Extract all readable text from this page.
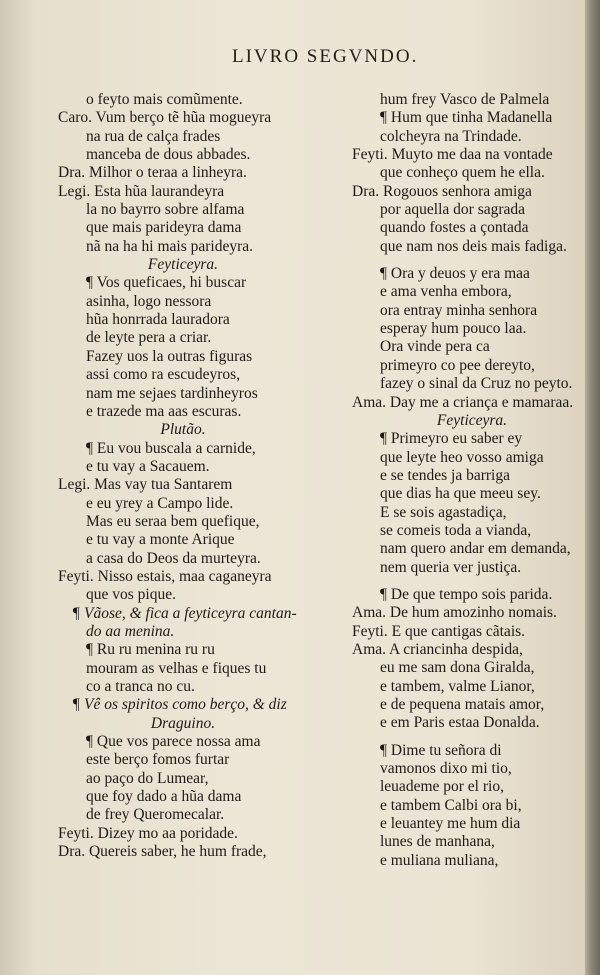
LIVRO SEGVNDO.
o feyto mais comũmente.
Caro. Vum berço tẽ hũa mogueyra
na rua de calça frades
manceba de dous abbades.
Dra. Milhor o teraa a linheyra.
Legi. Esta hũa laurandeyra
la no bayrro sobre alfama
que mais parideyra dama
nã na ha hi mais parideyra.
Feyticeyra.
¶ Vos queficaes, hi buscar
asinha, logo nessora
hũa honrrada lauradora
de leyte pera a criar.
Fazey uos la outras figuras
assi como ra escudeyros,
nam me sejaes tardinheyros
e trazede ma aas escuras.
Plutão.
¶ Eu vou buscala a carnide,
e tu vay a Sacauem.
Legi. Mas vay tua Santarem
e eu yrey a Campo lide.
Mas eu seraa bem quefique,
e tu vay a monte Arique
a casa do Deos da murteyra.
Feyti. Nisso estais, maa caganeyra
que vos pique.
¶ Vãose, & fica a feyticeyra cantan-
do aa menina.
¶ Ru ru menina ru ru
mouram as velhas e fiques tu
co a tranca no cu.
¶ Vê os spiritos como berço, & diz
Draguino.
¶ Que vos parece nossa ama
este berço fomos furtar
ao paço do Lumear,
que foy dado a hũa dama
de frey Queromecalar.
Feyti. Dizey mo aa poridade.
Dra. Quereis saber, he hum frade,
hum frey Vasco de Palmela
¶ Hum que tinha Madanella
colcheyra na Trindade.
Feyti. Muyto me daa na vontade
que conheço quem he ella.
Dra. Rogouos senhora amiga
por aquella dor sagrada
quando fostes a çontada
que nam nos deis mais fadiga.
¶ Ora y deuos y era maa
e ama venha embora,
ora entray minha senhora
esperay hum pouco laa.
Ora vinde pera ca
primeyro co pee dereyto,
fazey o sinal da Cruz no peyto.
Ama. Day me a criança e mamaraa.
Feyticeyra.
¶ Primeyro eu saber ey
que leyte heo vosso amiga
e se tendes ja barriga
que dias ha que meeu sey.
E se sois agastadiça,
se comeis toda a vianda,
nam quero andar em demanda,
nem queria ver justiça.
¶ De que tempo sois parida.
Ama. De hum amozinho nomais.
Feyti. E que cantigas cãtais.
Ama. A criancinha despida,
eu me sam dona Giralda,
e tambem, valme Lianor,
e de pequena matais amor,
e em Paris estaa Donalda.
¶ Dime tu señora di
vamonos dixo mi tio,
leuademe por el rio,
e tambem Calbi ora bi,
e leuantey me hum dia
lunes de manhana,
e muliana muliana,
